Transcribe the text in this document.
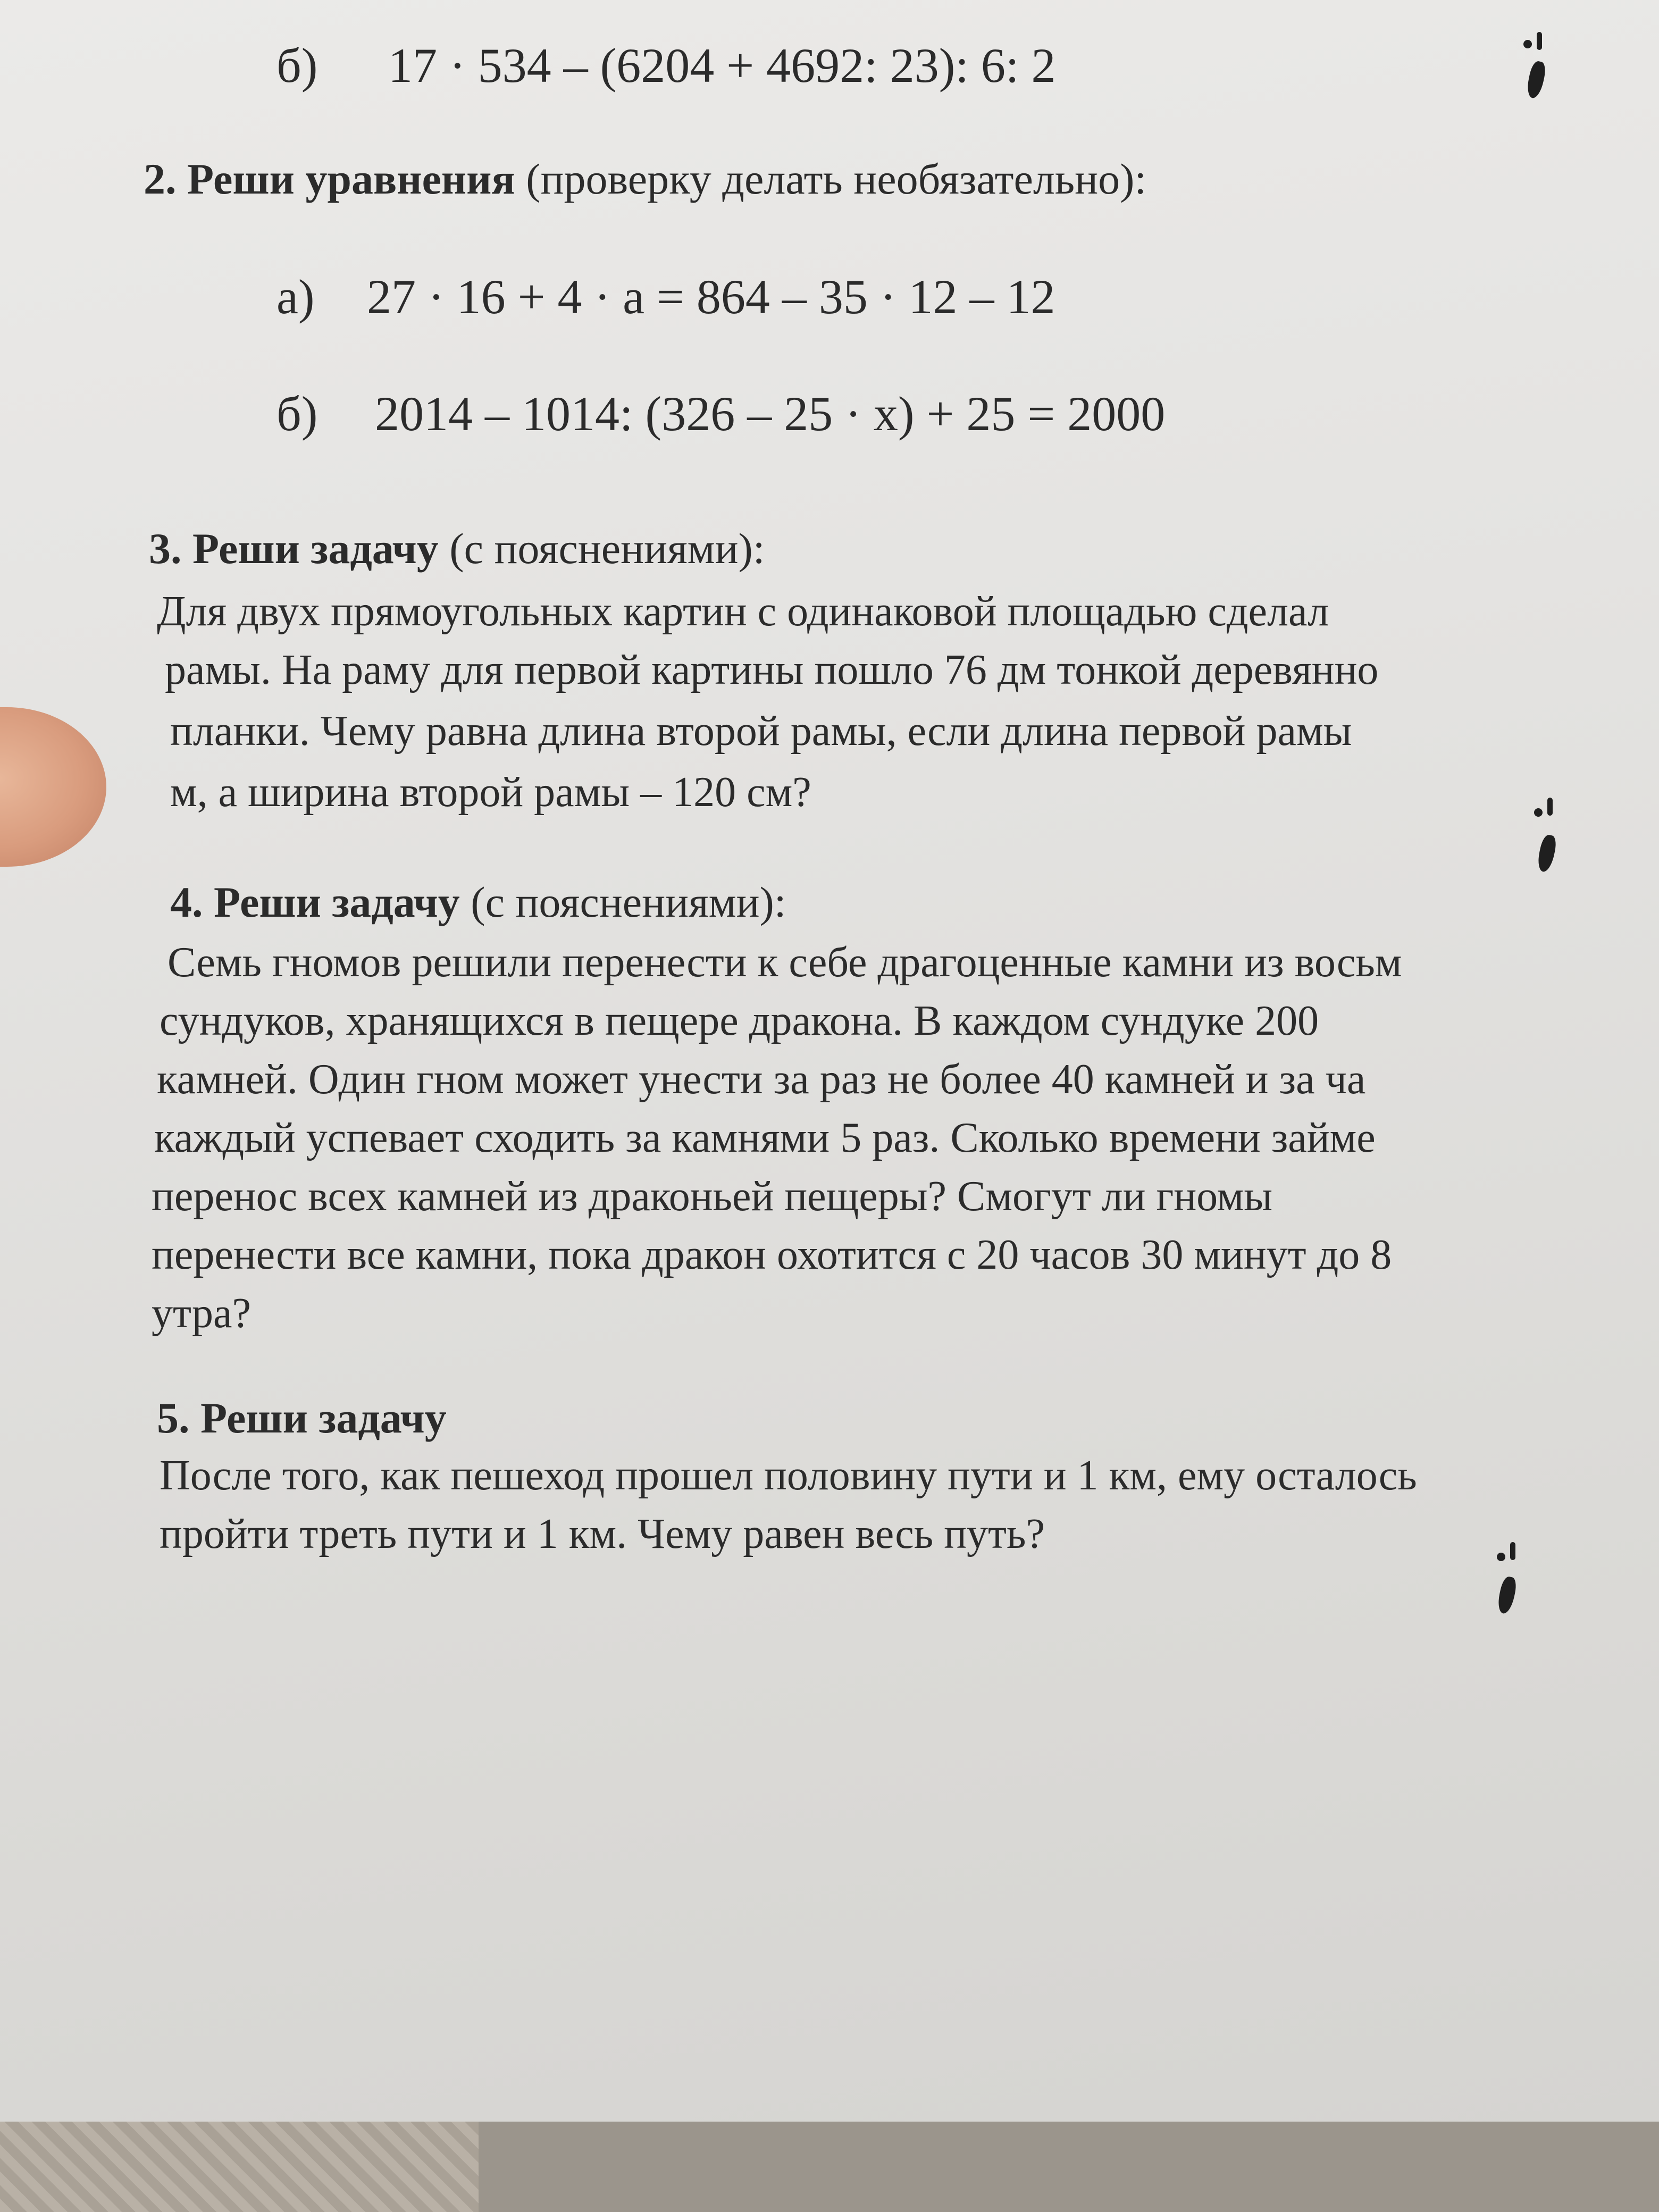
б) 17 · 534 – (6204 + 4692: 23): 6: 2
2. Реши уравнения (проверку делать необязательно):
а) 27 · 16 + 4 · a = 864 – 35 · 12 – 12
б) 2014 – 1014: (326 – 25 · x) + 25 = 2000
3. Реши задачу (с пояснениями):
Для двух прямоугольных картин с одинаковой площадью сделал
рамы. На раму для первой картины пошло 76 дм тонкой деревянно
планки. Чему равна длина второй рамы, если длина первой рамы
м, а ширина второй рамы – 120 см?
4. Реши задачу (с пояснениями):
Семь гномов решили перенести к себе драгоценные камни из восьм
сундуков, хранящихся в пещере дракона. В каждом сундуке 200
камней. Один гном может унести за раз не более 40 камней и за ча
каждый успевает сходить за камнями 5 раз. Сколько времени займе
перенос всех камней из драконьей пещеры? Смогут ли гномы
перенести все камни, пока дракон охотится с 20 часов 30 минут до 8
утра?
5. Реши задачу
После того, как пешеход прошел половину пути и 1 км, ему осталось
пройти треть пути и 1 км. Чему равен весь путь?
